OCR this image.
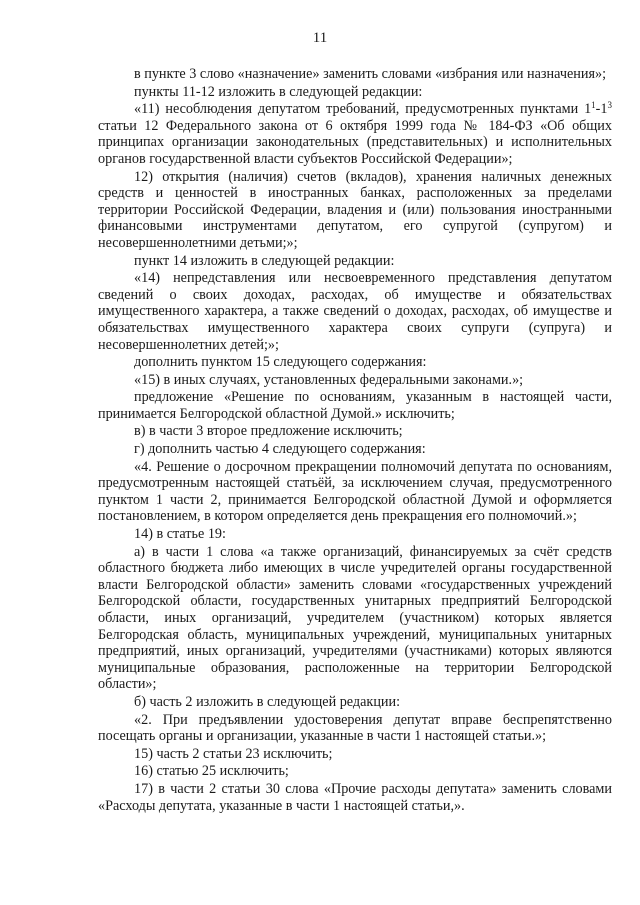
11

в пункте 3 слово «назначение» заменить словами «избрания или назначения»;

пункты 11-12 изложить в следующей редакции:

«11) несоблюдения депутатом требований, предусмотренных пунктами $1^1-1^3$ статьи 12 Федерального закона от 6 октября 1999 года № 184-ФЗ «Об общих принципах организации законодательных (представительных) и исполнительных органов государственной власти субъектов Российской Федерации»;

12) открытия (наличия) счетов (вкладов), хранения наличных денежных средств и ценностей в иностранных банках, расположенных за пределами территории Российской Федерации, владения и (или) пользования иностранными финансовыми инструментами депутатом, его супругой (супругом) и несовершеннолетними детьми;»;

пункт 14 изложить в следующей редакции:

«14) непредставления или несвоевременного представления депутатом сведений о своих доходах, расходах, об имуществе и обязательствах имущественного характера, а также сведений о доходах, расходах, об имуществе и обязательствах имущественного характера своих супруги (супруга) и несовершеннолетних детей;»;

дополнить пунктом 15 следующего содержания:

«15) в иных случаях, установленных федеральными законами.»;

предложение «Решение по основаниям, указанным в настоящей части, принимается Белгородской областной Думой.» исключить;

в) в части 3 второе предложение исключить;

г) дополнить частью 4 следующего содержания:

«4. Решение о досрочном прекращении полномочий депутата по основаниям, предусмотренным настоящей статьёй, за исключением случая, предусмотренного пунктом 1 части 2, принимается Белгородской областной Думой и оформляется постановлением, в котором определяется день прекращения его полномочий.»;

14) в статье 19:

а) в части 1 слова «а также организаций, финансируемых за счёт средств областного бюджета либо имеющих в числе учредителей органы государственной власти Белгородской области» заменить словами «государственных учреждений Белгородской области, государственных унитарных предприятий Белгородской области, иных организаций, учредителем (участником) которых является Белгородская область, муниципальных учреждений, муниципальных унитарных предприятий, иных организаций, учредителями (участниками) которых являются муниципальные образования, расположенные на территории Белгородской области»;

б) часть 2 изложить в следующей редакции:

«2. При предъявлении удостоверения депутат вправе беспрепятственно посещать органы и организации, указанные в части 1 настоящей статьи.»;

15) часть 2 статьи 23 исключить;

16) статью 25 исключить;

17) в части 2 статьи 30 слова «Прочие расходы депутата» заменить словами «Расходы депутата, указанные в части 1 настоящей статьи,».
